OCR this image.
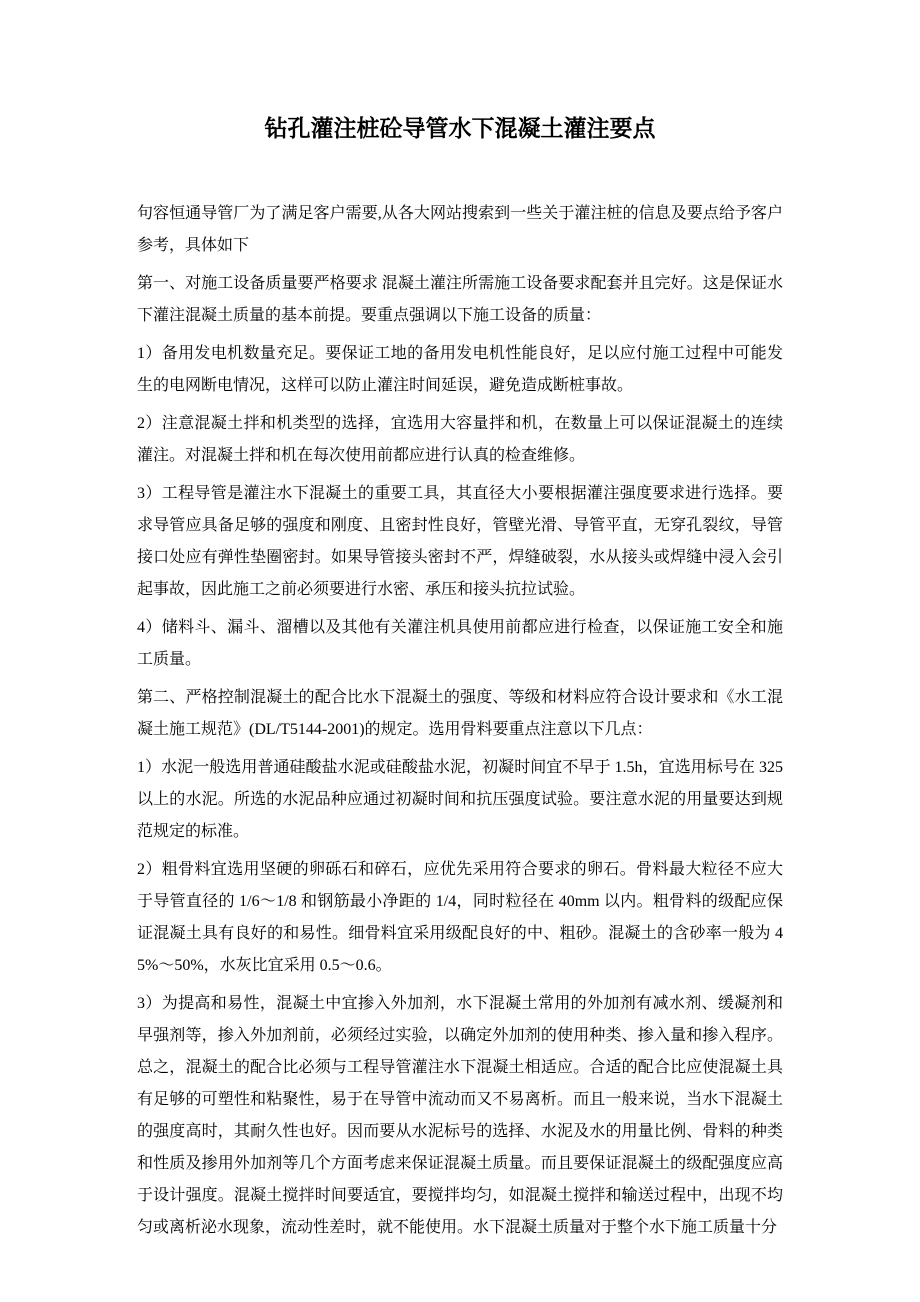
钻孔灌注桩砼导管水下混凝土灌注要点

句容恒通导管厂为了满足客户需要,从各大网站搜索到一些关于灌注桩的信息及要点给予客户参考，具体如下

第一、对施工设备质量要严格要求 混凝土灌注所需施工设备要求配套并且完好。这是保证水下灌注混凝土质量的基本前提。要重点强调以下施工设备的质量：

1）备用发电机数量充足。要保证工地的备用发电机性能良好，足以应付施工过程中可能发生的电网断电情况，这样可以防止灌注时间延误，避免造成断桩事故。

2）注意混凝土拌和机类型的选择，宜选用大容量拌和机，在数量上可以保证混凝土的连续灌注。对混凝土拌和机在每次使用前都应进行认真的检查维修。

3）工程导管是灌注水下混凝土的重要工具，其直径大小要根据灌注强度要求进行选择。要求导管应具备足够的强度和刚度、且密封性良好，管壁光滑、导管平直，无穿孔裂纹，导管接口处应有弹性垫圈密封。如果导管接头密封不严，焊缝破裂，水从接头或焊缝中浸入会引起事故，因此施工之前必须要进行水密、承压和接头抗拉试验。

4）储料斗、漏斗、溜槽以及其他有关灌注机具使用前都应进行检查，以保证施工安全和施工质量。

第二、严格控制混凝土的配合比水下混凝土的强度、等级和材料应符合设计要求和《水工混凝土施工规范》(DL/T5144-2001)的规定。选用骨料要重点注意以下几点：

1）水泥一般选用普通硅酸盐水泥或硅酸盐水泥，初凝时间宜不早于 1.5h，宜选用标号在 325 以上的水泥。所选的水泥品种应通过初凝时间和抗压强度试验。要注意水泥的用量要达到规范规定的标准。

2）粗骨料宜选用坚硬的卵砾石和碎石，应优先采用符合要求的卵石。骨料最大粒径不应大于导管直径的 1/6～1/8 和钢筋最小净距的 1/4，同时粒径在 40mm 以内。粗骨料的级配应保证混凝土具有良好的和易性。细骨料宜采用级配良好的中、粗砂。混凝土的含砂率一般为 45%～50%，水灰比宜采用 0.5～0.6。

3）为提高和易性，混凝土中宜掺入外加剂，水下混凝土常用的外加剂有减水剂、缓凝剂和早强剂等，掺入外加剂前，必须经过实验，以确定外加剂的使用种类、掺入量和掺入程序。总之，混凝土的配合比必须与工程导管灌注水下混凝土相适应。合适的配合比应使混凝土具有足够的可塑性和粘聚性，易于在导管中流动而又不易离析。而且一般来说，当水下混凝土的强度高时，其耐久性也好。因而要从水泥标号的选择、水泥及水的用量比例、骨料的种类和性质及掺用外加剂等几个方面考虑来保证混凝土质量。而且要保证混凝土的级配强度应高于设计强度。混凝土搅拌时间要适宜，要搅拌均匀，如混凝土搅拌和输送过程中，出现不均匀或离析泌水现象，流动性差时，就不能使用。水下混凝土质量对于整个水下施工质量十分
